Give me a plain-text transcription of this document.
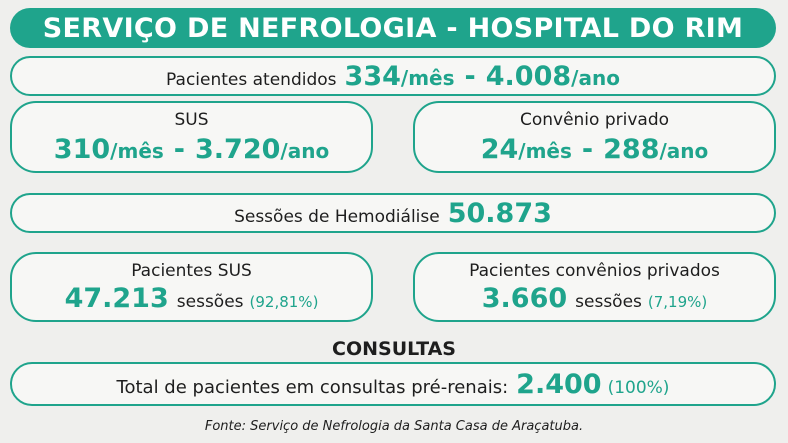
SERVIÇO DE NEFROLOGIA - HOSPITAL DO RIM
Pacientes atendidos 334 /mês - 4.008 /ano
SUS
310 /mês - 3.720 /ano
Convênio privado
24 /mês - 288 /ano
Sessões de Hemodiálise 50.873
Pacientes SUS
47.213 sessões (92,81%)
Pacientes convênios privados
3.660 sessões (7,19%)
CONSULTAS
Total de pacientes em consultas pré-renais: 2.400 (100%)
Fonte: Serviço de Nefrologia da Santa Casa de Araçatuba.
